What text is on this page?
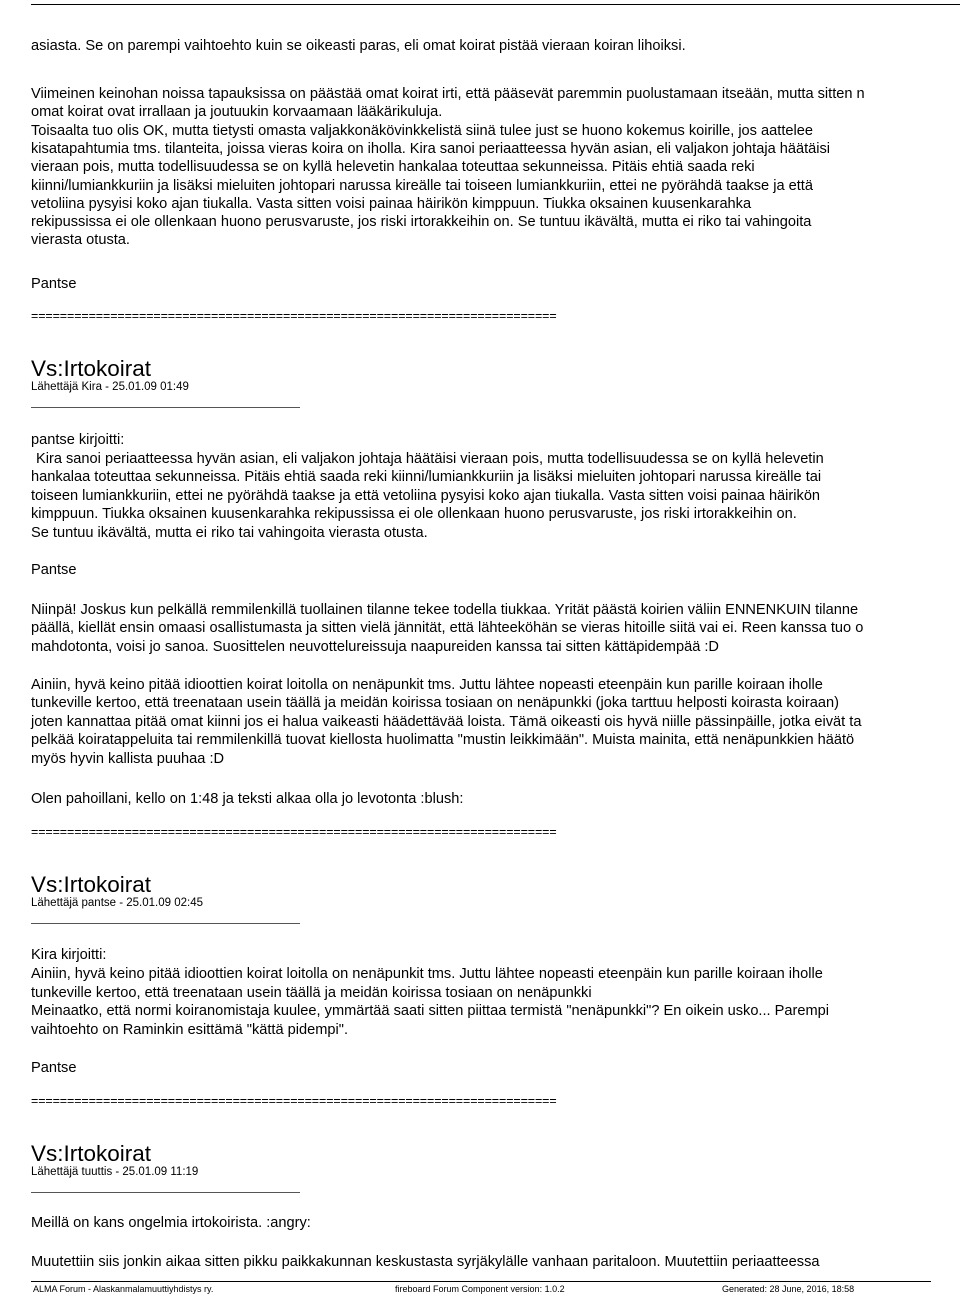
asiasta. Se on parempi vaihtoehto kuin se oikeasti paras, eli omat koirat pistää vieraan koiran lihoiksi.
Viimeinen keinohan noissa tapauksissa on päästää omat koirat irti, että pääsevät paremmin puolustamaan itseään, mutta sitten n
omat koirat ovat irrallaan ja joutuukin korvaamaan lääkärikuluja.
Toisaalta tuo olis OK, mutta tietysti omasta valjakkonäkövinkkelistä siinä tulee just se huono kokemus koirille, jos aattelee
kisatapahtumia tms. tilanteita, joissa vieras koira on iholla. Kira sanoi periaatteessa hyvän asian, eli valjakon johtaja häätäisi
vieraan pois, mutta todellisuudessa se on kyllä helevetin hankalaa toteuttaa sekunneissa. Pitäis ehtiä saada reki
kiinni/lumiankkuriin ja lisäksi mieluiten johtopari narussa kireälle tai toiseen lumiankkuriin, ettei ne pyörähdä taakse ja että
vetoliina pysyisi koko ajan tiukalla. Vasta sitten voisi painaa häirikön kimppuun. Tiukka oksainen kuusenkarahka
rekipussissa ei ole ollenkaan huono perusvaruste, jos riski irtorakkeihin on. Se tuntuu ikävältä, mutta ei riko tai vahingoita
vierasta otusta.
Pantse
=========================================================================
Vs:Irtokoirat
Lähettäjä Kira - 25.01.09 01:49
pantse kirjoitti:
Kira sanoi periaatteessa hyvän asian, eli valjakon johtaja häätäisi vieraan pois, mutta todellisuudessa se on kyllä helevetin
hankalaa toteuttaa sekunneissa. Pitäis ehtiä saada reki kiinni/lumiankkuriin ja lisäksi mieluiten johtopari narussa kireälle tai
toiseen lumiankkuriin, ettei ne pyörähdä taakse ja että vetoliina pysyisi koko ajan tiukalla. Vasta sitten voisi painaa häirikön
kimppuun. Tiukka oksainen kuusenkarahka rekipussissa ei ole ollenkaan huono perusvaruste, jos riski irtorakkeihin on.
Se tuntuu ikävältä, mutta ei riko tai vahingoita vierasta otusta.
Pantse
Niinpä! Joskus kun pelkällä remmilenkillä tuollainen tilanne tekee todella tiukkaa. Yrität päästä koirien väliin ENNENKUIN tilanne
päällä, kiellät ensin omaasi osallistumasta ja sitten vielä jännität, että lähteeköhän se vieras hitoille siitä vai ei. Reen kanssa tuo o
mahdotonta, voisi jo sanoa. Suosittelen neuvottelureissuja naapureiden kanssa tai sitten kättäpidempää :D
Ainiin, hyvä keino pitää idioottien koirat loitolla on nenäpunkit tms. Juttu lähtee nopeasti eteenpäin kun parille koiraan iholle
tunkeville kertoo, että treenataan usein täällä ja meidän koirissa tosiaan on nenäpunkki (joka tarttuu helposti koirasta koiraan)
joten kannattaa pitää omat kiinni jos ei halua vaikeasti häädettävää loista. Tämä oikeasti ois hyvä niille pässinpäille, jotka eivät ta
pelkää koiratappeluita tai remmilenkillä tuovat kiellosta huolimatta "mustin leikkimään". Muista mainita, että nenäpunkkien häätö
myös hyvin kallista puuhaa :D
Olen pahoillani, kello on 1:48 ja teksti alkaa olla jo levotonta :blush:
=========================================================================
Vs:Irtokoirat
Lähettäjä pantse - 25.01.09 02:45
Kira kirjoitti:
Ainiin, hyvä keino pitää idioottien koirat loitolla on nenäpunkit tms. Juttu lähtee nopeasti eteenpäin kun parille koiraan iholle
tunkeville kertoo, että treenataan usein täällä ja meidän koirissa tosiaan on nenäpunkki
Meinaatko, että normi koiranomistaja kuulee, ymmärtää saati sitten piittaa termistä "nenäpunkki"? En oikein usko... Parempi
vaihtoehto on Raminkin esittämä "kättä pidempi".
Pantse
=========================================================================
Vs:Irtokoirat
Lähettäjä tuuttis - 25.01.09 11:19
Meillä on kans ongelmia irtokoirista. :angry:
Muutettiin siis jonkin aikaa sitten pikku paikkakunnan keskustasta syrjäkylälle vanhaan paritaloon. Muutettiin periaatteessa
ALMA Forum - Alaskanmalamuuttiyhdistys ry.	fireboard Forum Component version: 1.0.2	Generated: 28 June, 2016, 18:58
